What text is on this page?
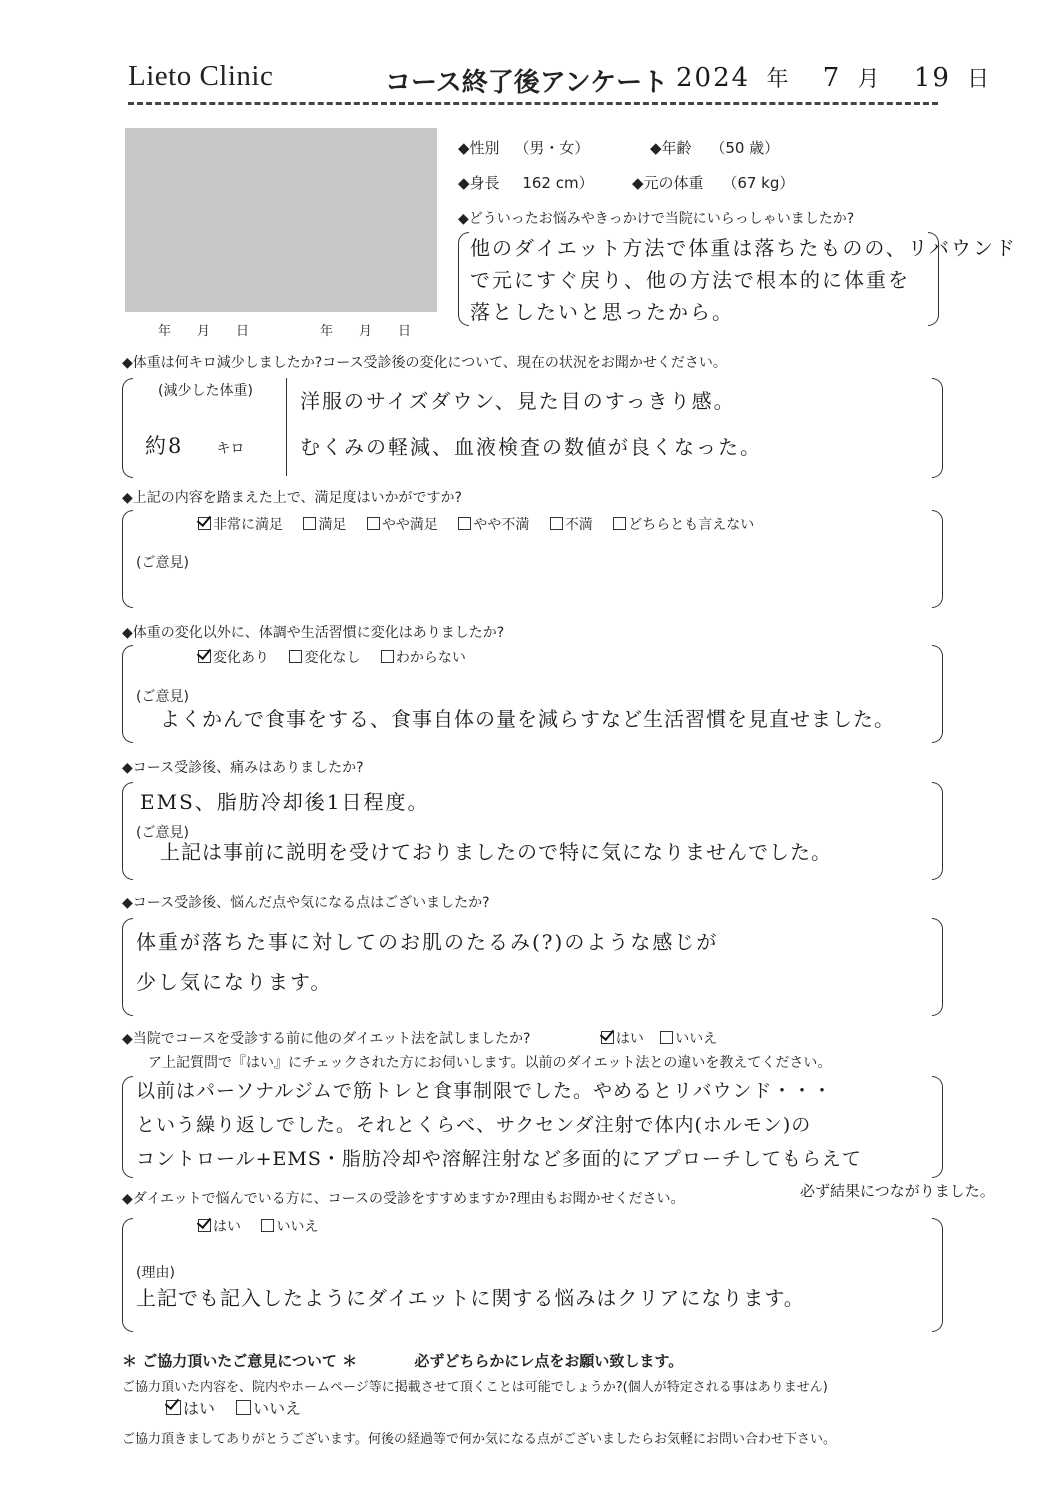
Lieto Clinic	コース終了後アンケート 2024 年 7 月 19 日
年　　月　　日	年　　月　　日
◆性別 （男・女）	◆年齢 （50 歳）
◆身長 162 cm）	◆元の体重 （67 kg）
◆どういったお悩みやきっかけで当院にいらっしゃいましたか?
他のダイエット方法で体重は落ちたものの、リバウンド
で元にすぐ戻り、他の方法で根本的に体重を
落としたいと思ったから。
◆体重は何キロ減少しましたか?コース受診後の変化について、現在の状況をお聞かせください。
(減少した体重)
約8 キロ
洋服のサイズダウン、見た目のすっきり感。
むくみの軽減、血液検査の数値が良くなった。
◆上記の内容を踏まえた上で、満足度はいかがですか?
非常に満足	満足	やや満足	やや不満	不満	どちらとも言えない
(ご意見)
◆体重の変化以外に、体調や生活習慣に変化はありましたか?
変化あり	変化なし	わからない
(ご意見)
よくかんで食事をする、食事自体の量を減らすなど生活習慣を見直せました。
◆コース受診後、痛みはありましたか?
EMS、脂肪冷却後1日程度。
(ご意見)
上記は事前に説明を受けておりましたので特に気になりませんでした。
◆コース受診後、悩んだ点や気になる点はございましたか?
体重が落ちた事に対してのお肌のたるみ(?)のような感じが
少し気になります。
◆当院でコースを受診する前に他のダイエット法を試しましたか?	はい いいえ
ア上記質問で『はい』にチェックされた方にお伺いします。以前のダイエット法との違いを教えてください。
以前はパーソナルジムで筋トレと食事制限でした。やめるとリバウンド・・・
という繰り返しでした。それとくらべ、サクセンダ注射で体内(ホルモン)の
コントロール+EMS・脂肪冷却や溶解注射など多面的にアプローチしてもらえて
必ず結果につながりました。
◆ダイエットで悩んでいる方に、コースの受診をすすめますか?理由もお聞かせください。
はい	いいえ
(理由)
上記でも記入したようにダイエットに関する悩みはクリアになります。
＊ ご協力頂いたご意見について ＊	必ずどちらかにレ点をお願い致します。
ご協力頂いた内容を、院内やホームページ等に掲載させて頂くことは可能でしょうか?(個人が特定される事はありません)
はい いいえ
ご協力頂きましてありがとうございます。何後の経過等で何か気になる点がございましたらお気軽にお問い合わせ下さい。
